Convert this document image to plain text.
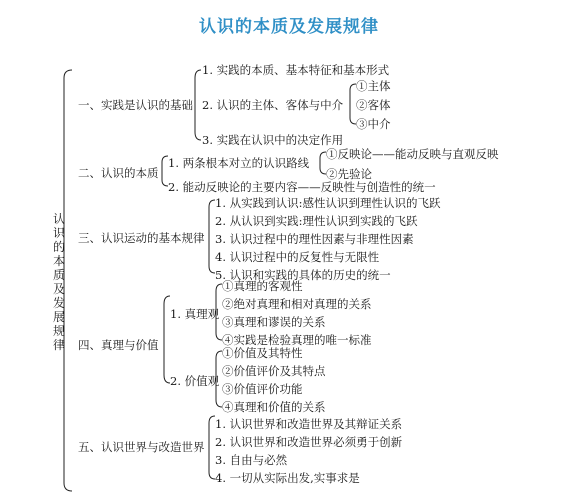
认识的本质及发展规律
认
识
的
本
质
及
发
展
规
律
一、实践是认识的基础
1. 实践的本质、基本特征和基本形式
2. 认识的主体、客体与中介
3. 实践在认识中的决定作用
①主体
②客体
③中介
二、认识的本质
1. 两条根本对立的认识路线
2. 能动反映论的主要内容——反映性与创造性的统一
①反映论——能动反映与直观反映
②先验论
三、认识运动的基本规律
1. 从实践到认识:感性认识到理性认识的飞跃
2. 从认识到实践:理性认识到实践的飞跃
3. 认识过程中的理性因素与非理性因素
4. 认识过程中的反复性与无限性
5. 认识和实践的具体的历史的统一
四、真理与价值
1. 真理观
①真理的客观性
②绝对真理和相对真理的关系
③真理和谬误的关系
④实践是检验真理的唯一标准
2. 价值观
①价值及其特性
②价值评价及其特点
③价值评价功能
④真理和价值的关系
五、认识世界与改造世界
1. 认识世界和改造世界及其辩证关系
2. 认识世界和改造世界必须勇于创新
3. 自由与必然
4. 一切从实际出发,实事求是
